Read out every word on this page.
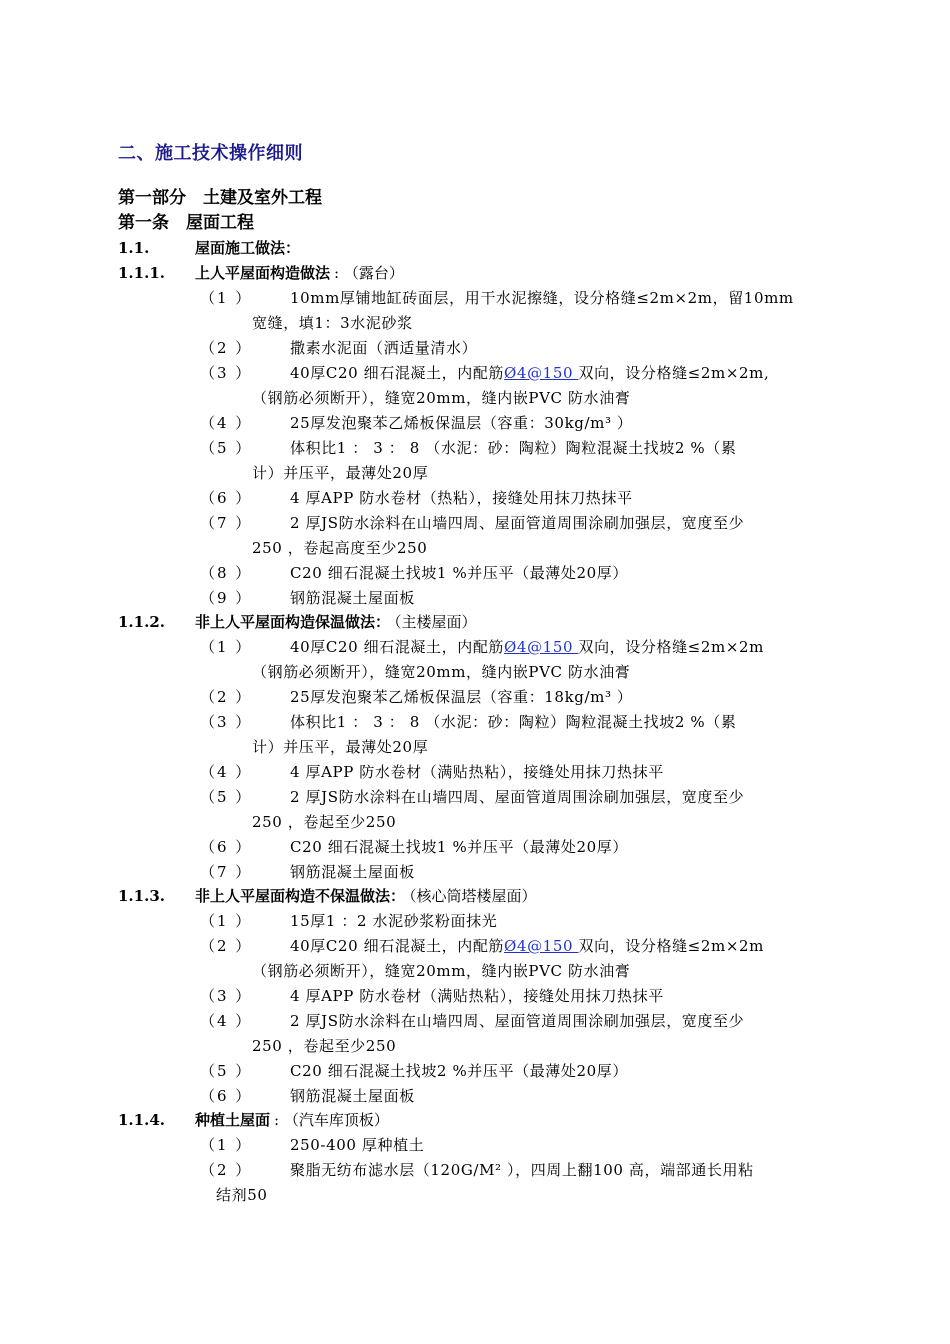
二、施工技术操作细则
第一部分　土建及室外工程
第一条　屋面工程
1.1.	屋面施工做法：
1.1.1. 上人平屋面构造做法 : （露台）
（1 ）	10mm厚铺地缸砖面层，用干水泥擦缝，设分格缝≤2m×2m，留10mm
宽缝，填1：3水泥砂浆
（2 ）	撒素水泥面（洒适量清水）
（3 ）	40厚C20 细石混凝土，内配筋Ø4@150 双向，设分格缝≤2m×2m,
（钢筋必须断开），缝宽20mm，缝内嵌PVC 防水油膏
（4 ）	25厚发泡聚苯乙烯板保温层（容重：30kg/m³ ）
（5 ）	体积比1 ： 3 ： 8 （水泥：砂：陶粒）陶粒混凝土找坡2 %（累
计）并压平，最薄处20厚
（6 ）	4 厚APP 防水卷材（热粘），接缝处用抹刀热抹平
（7 ）	2 厚JS防水涂料在山墙四周、屋面管道周围涂刷加强层，宽度至少
250 ，卷起高度至少250
（8 ）	C20 细石混凝土找坡1 %并压平（最薄处20厚）
（9 ）	钢筋混凝土屋面板
1.1.2. 非上人平屋面构造保温做法： （主楼屋面）
（1 ）	40厚C20 细石混凝土，内配筋Ø4@150 双向，设分格缝≤2m×2m
（钢筋必须断开），缝宽20mm，缝内嵌PVC 防水油膏
（2 ）	25厚发泡聚苯乙烯板保温层（容重：18kg/m³ ）
（3 ）	体积比1 ： 3 ： 8 （水泥：砂：陶粒）陶粒混凝土找坡2 %（累
计）并压平，最薄处20厚
（4 ）	4 厚APP 防水卷材（满贴热粘），接缝处用抹刀热抹平
（5 ）	2 厚JS防水涂料在山墙四周、屋面管道周围涂刷加强层，宽度至少
250 ，卷起至少250
（6 ）	C20 细石混凝土找坡1 %并压平（最薄处20厚）
（7 ）	钢筋混凝土屋面板
1.1.3. 非上人平屋面构造不保温做法： （核心筒塔楼屋面）
（1 ）	15厚1 ：2 水泥砂浆粉面抹光
（2 ）	40厚C20 细石混凝土，内配筋Ø4@150 双向，设分格缝≤2m×2m
（钢筋必须断开），缝宽20mm，缝内嵌PVC 防水油膏
（3 ）	4 厚APP 防水卷材（满贴热粘），接缝处用抹刀热抹平
（4 ）	2 厚JS防水涂料在山墙四周、屋面管道周围涂刷加强层，宽度至少
250 ，卷起至少250
（5 ）	C20 细石混凝土找坡2 %并压平（最薄处20厚）
（6 ）	钢筋混凝土屋面板
1.1.4. 种植土屋面 : （汽车库顶板）
（1 ）	250-400 厚种植土
（2 ）	聚脂无纺布滤水层（120G/M² ），四周上翻100 高，端部通长用粘
结剂50
